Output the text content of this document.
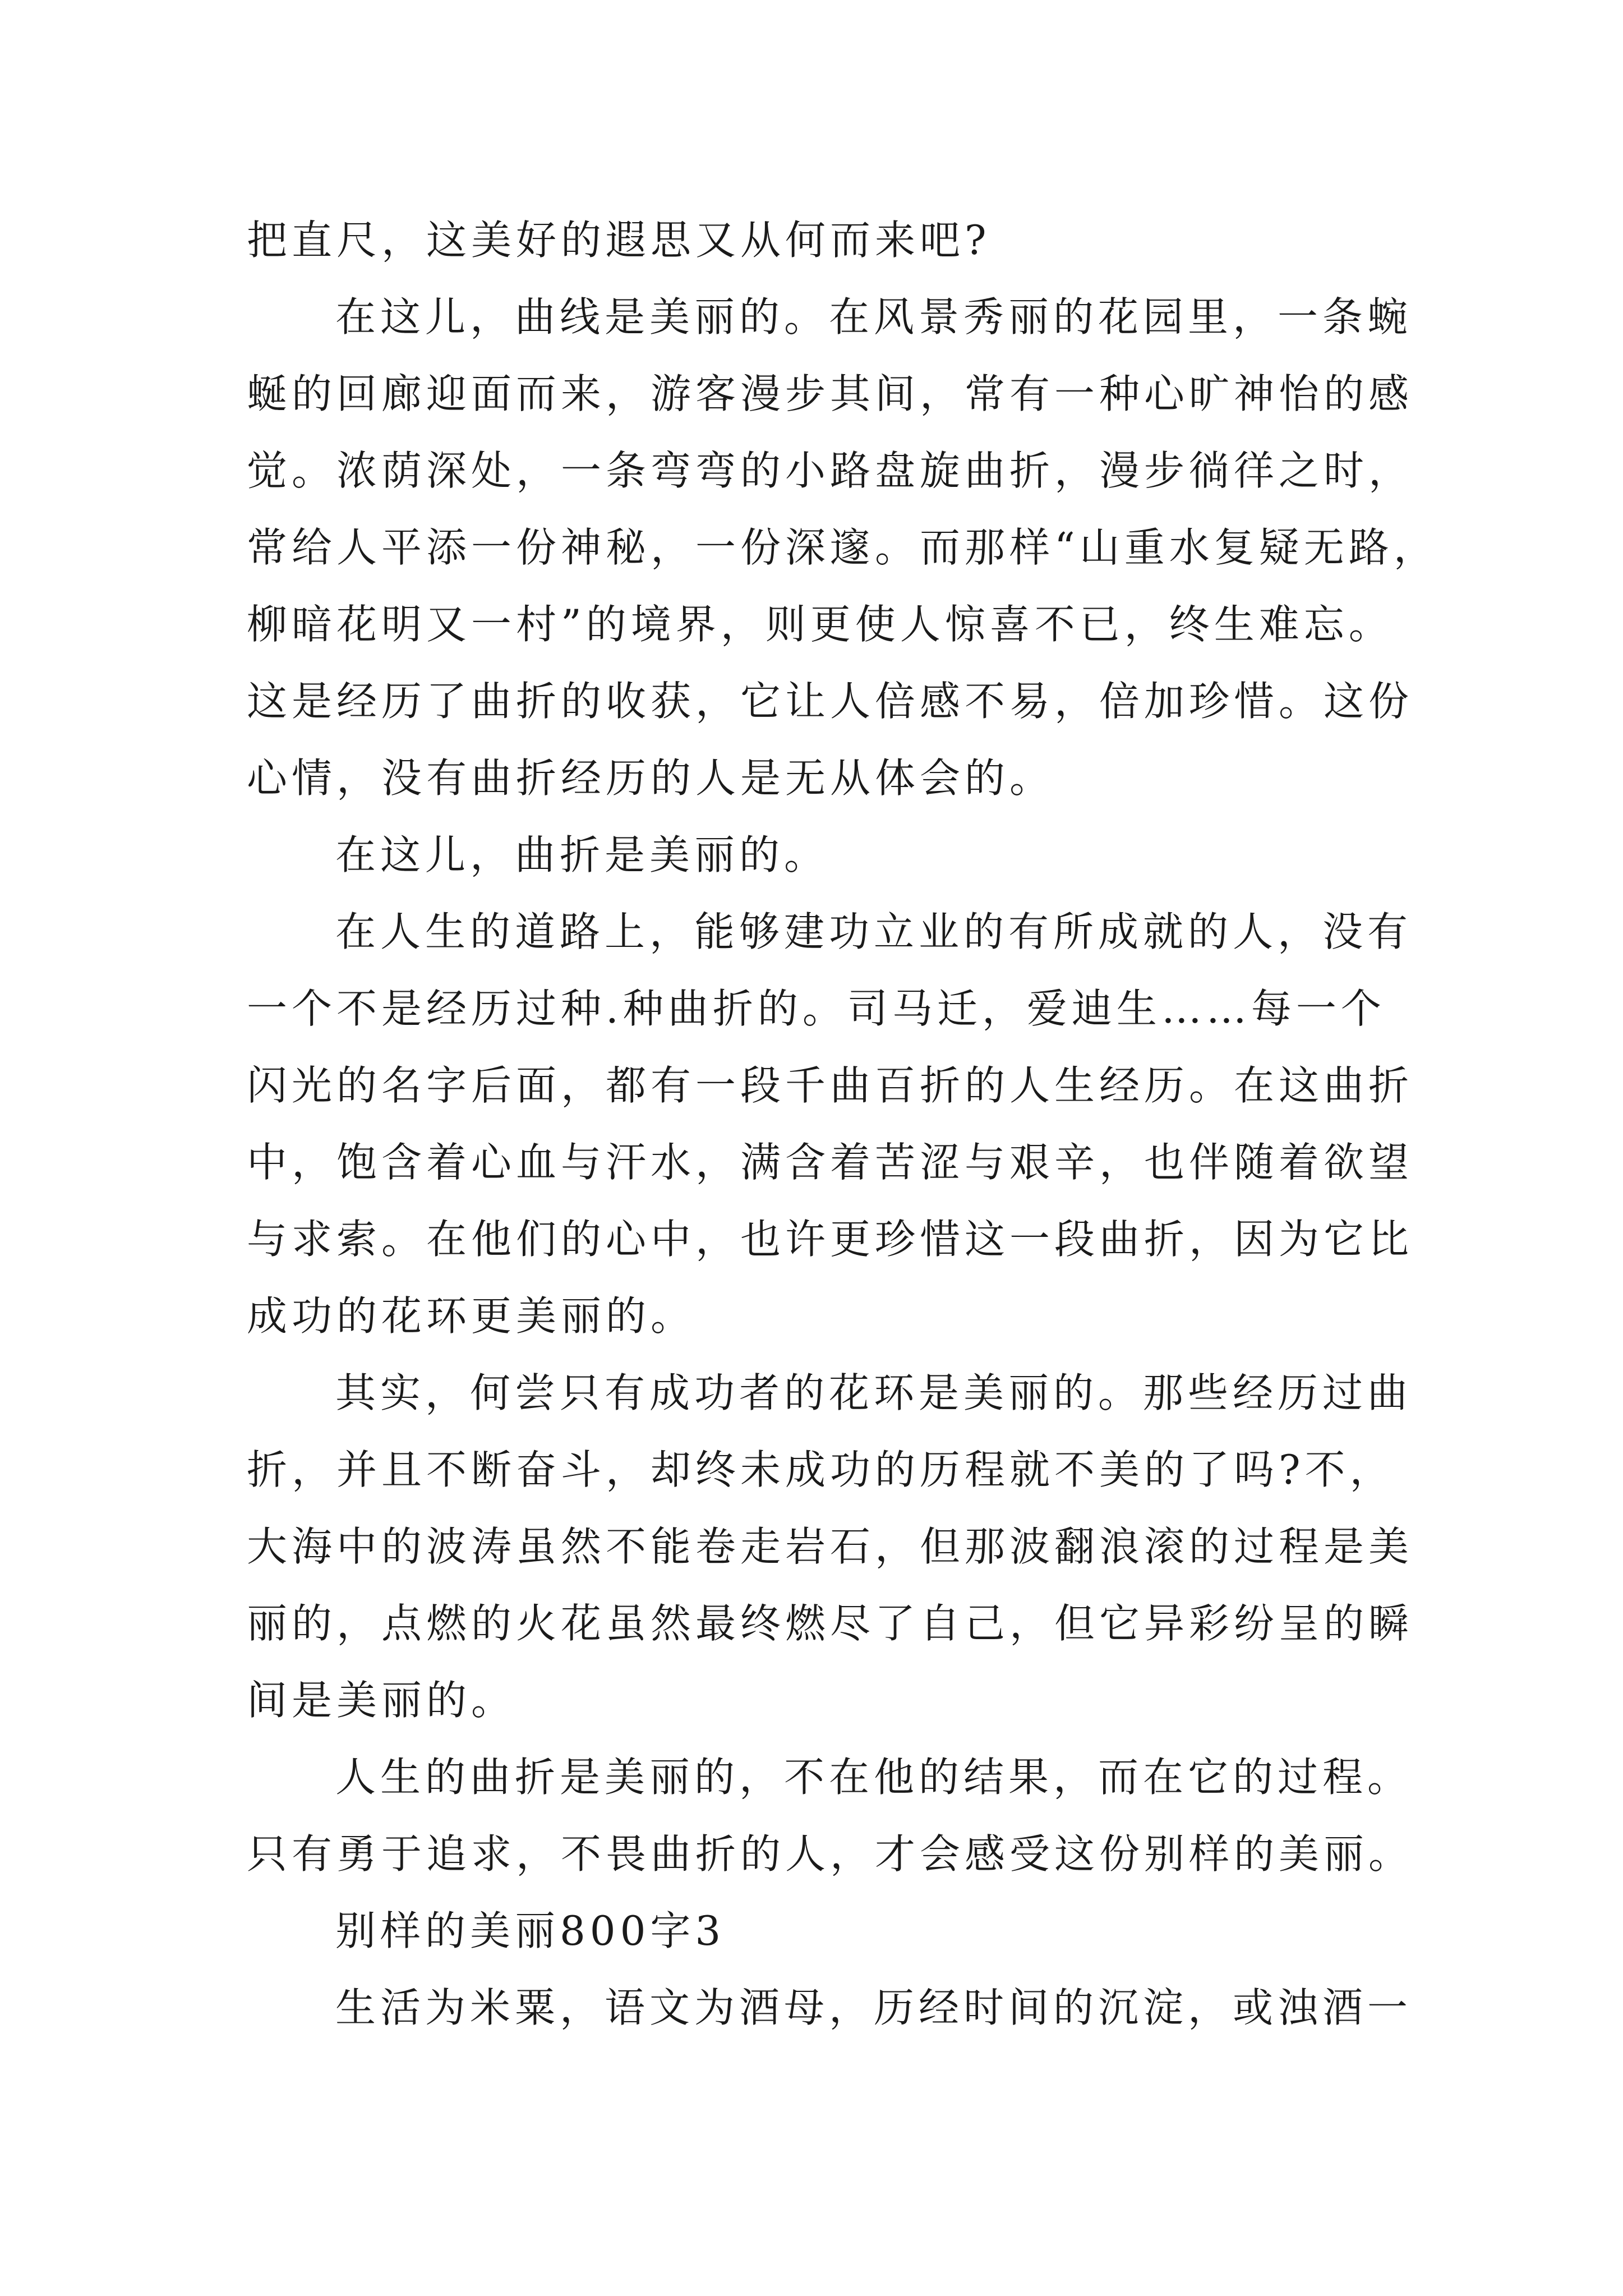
把直尺，这美好的遐思又从何而来吧?
在这儿，曲线是美丽的。在风景秀丽的花园里，一条蜿
蜒的回廊迎面而来，游客漫步其间，常有一种心旷神怡的感
觉。浓荫深处，一条弯弯的小路盘旋曲折，漫步徜徉之时，
常给人平添一份神秘，一份深邃。而那样“山重水复疑无路，
柳暗花明又一村”的境界，则更使人惊喜不已，终生难忘。
这是经历了曲折的收获，它让人倍感不易，倍加珍惜。这份
心情，没有曲折经历的人是无从体会的。
在这儿，曲折是美丽的。
在人生的道路上，能够建功立业的有所成就的人，没有
一个不是经历过种.种曲折的。司马迁，爱迪生……每一个
闪光的名字后面，都有一段千曲百折的人生经历。在这曲折
中，饱含着心血与汗水，满含着苦涩与艰辛，也伴随着欲望
与求索。在他们的心中，也许更珍惜这一段曲折，因为它比
成功的花环更美丽的。
其实，何尝只有成功者的花环是美丽的。那些经历过曲
折，并且不断奋斗，却终未成功的历程就不美的了吗?不，
大海中的波涛虽然不能卷走岩石，但那波翻浪滚的过程是美
丽的，点燃的火花虽然最终燃尽了自己，但它异彩纷呈的瞬
间是美丽的。
人生的曲折是美丽的，不在他的结果，而在它的过程。
只有勇于追求，不畏曲折的人，才会感受这份别样的美丽。
别样的美丽800字3
生活为米粟，语文为酒母，历经时间的沉淀，或浊酒一
